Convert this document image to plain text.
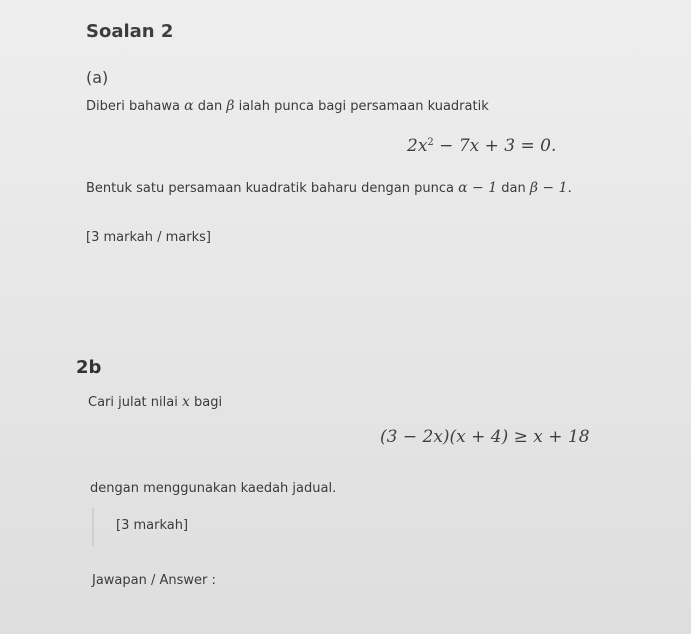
Soalan 2
(a)
Diberi bahawa α dan β ialah punca bagi persamaan kuadratik
$2x^2 - 7x + 3 = 0$.
Bentuk satu persamaan kuadratik baharu dengan punca α − 1 dan β − 1.
[3 markah / marks]
2b
Cari julat nilai x bagi
(3 − 2x)(x + 4) ≥ x + 18
dengan menggunakan kaedah jadual.
[3 markah]
Jawapan / Answer :
